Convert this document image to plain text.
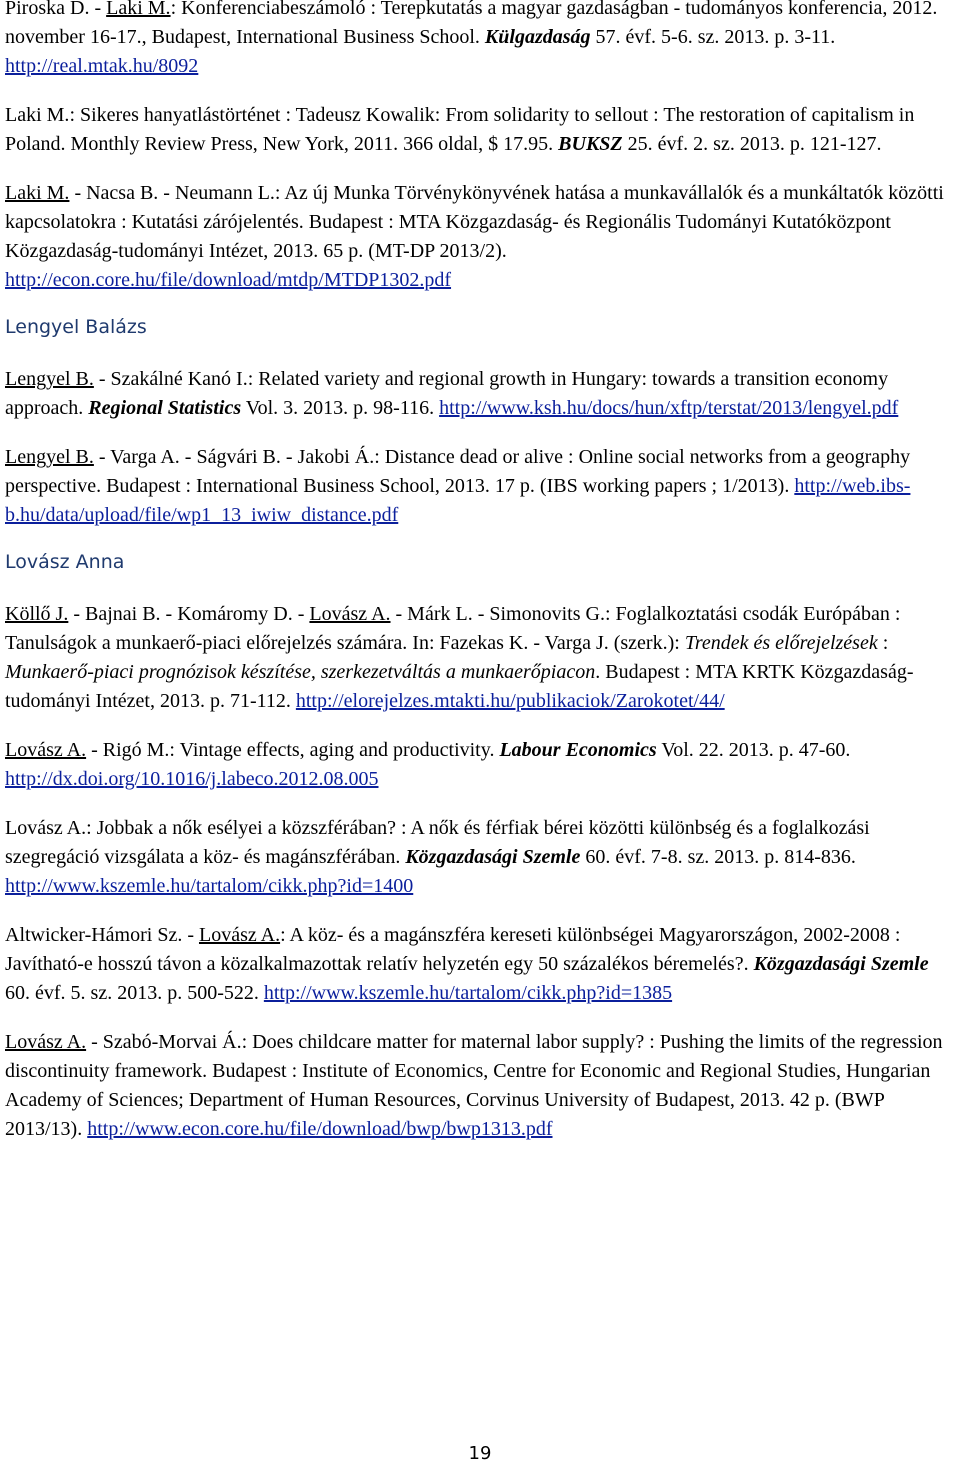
Piroska D. - Laki M.: Konferenciabeszámoló : Terepkutatás a magyar gazdaságban - tudományos konferencia, 2012. november 16-17., Budapest, International Business School. Külgazdaság 57. évf. 5-6. sz. 2013. p. 3-11. http://real.mtak.hu/8092

Laki M.: Sikeres hanyatlástörténet : Tadeusz Kowalik: From solidarity to sellout : The restoration of capitalism in Poland. Monthly Review Press, New York, 2011. 366 oldal, $ 17.95. BUKSZ 25. évf. 2. sz. 2013. p. 121-127.

Laki M. - Nacsa B. - Neumann L.: Az új Munka Törvénykönyvének hatása a munkavállalók és a munkáltatók közötti kapcsolatokra : Kutatási zárójelentés. Budapest : MTA Közgazdaság- és Regionális Tudományi Kutatóközpont Közgazdaság-tudományi Intézet, 2013. 65 p. (MT-DP 2013/2). http://econ.core.hu/file/download/mtdp/MTDP1302.pdf

Lengyel Balázs

Lengyel B. - Szakálné Kanó I.: Related variety and regional growth in Hungary: towards a transition economy approach. Regional Statistics Vol. 3. 2013. p. 98-116. http://www.ksh.hu/docs/hun/xftp/terstat/2013/lengyel.pdf

Lengyel B. - Varga A. - Ságvári B. - Jakobi Á.: Distance dead or alive : Online social networks from a geography perspective. Budapest : International Business School, 2013. 17 p. (IBS working papers ; 1/2013). http://web.ibs-b.hu/data/upload/file/wp1_13_iwiw_distance.pdf

Lovász Anna

Köllő J. - Bajnai B. - Komáromy D. - Lovász A. - Márk L. - Simonovits G.: Foglalkoztatási csodák Európában : Tanulságok a munkaerő-piaci előrejelzés számára. In: Fazekas K. - Varga J. (szerk.): Trendek és előrejelzések : Munkaerő-piaci prognózisok készítése, szerkezetváltás a munkaerőpiacon. Budapest : MTA KRTK Közgazdaság-tudományi Intézet, 2013. p. 71-112. http://elorejelzes.mtakti.hu/publikaciok/Zarokotet/44/

Lovász A. - Rigó M.: Vintage effects, aging and productivity. Labour Economics Vol. 22. 2013. p. 47-60. http://dx.doi.org/10.1016/j.labeco.2012.08.005

Lovász A.: Jobbak a nők esélyei a közszférában? : A nők és férfiak bérei közötti különbség és a foglalkozási szegregáció vizsgálata a köz- és magánszférában. Közgazdasági Szemle 60. évf. 7-8. sz. 2013. p. 814-836. http://www.kszemle.hu/tartalom/cikk.php?id=1400

Altwicker-Hámori Sz. - Lovász A.: A köz- és a magánszféra kereseti különbségei Magyarországon, 2002-2008 : Javítható-e hosszú távon a közalkalmazottak relatív helyzetén egy 50 százalékos béremelés?. Közgazdasági Szemle 60. évf. 5. sz. 2013. p. 500-522. http://www.kszemle.hu/tartalom/cikk.php?id=1385

Lovász A. - Szabó-Morvai Á.: Does childcare matter for maternal labor supply? : Pushing the limits of the regression discontinuity framework. Budapest : Institute of Economics, Centre for Economic and Regional Studies, Hungarian Academy of Sciences; Department of Human Resources, Corvinus University of Budapest, 2013. 42 p. (BWP 2013/13). http://www.econ.core.hu/file/download/bwp/bwp1313.pdf

19
